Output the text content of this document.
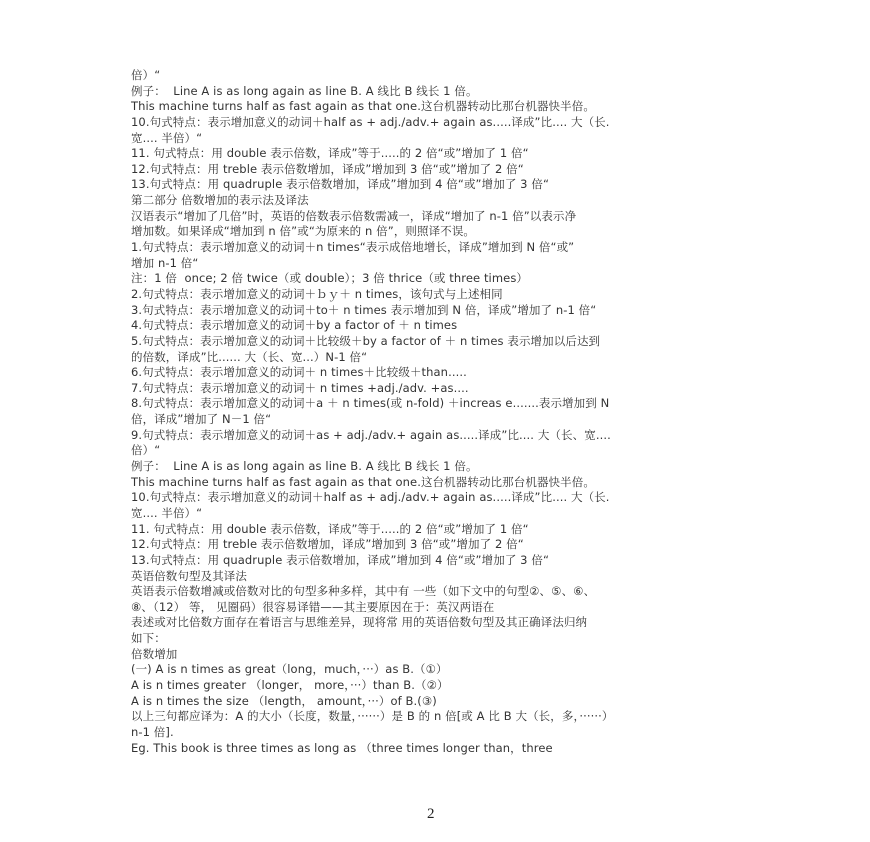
倍）“
例子：  Line A is as long again as line B. A 线比 B 线长 1 倍。
This machine turns half as fast again as that one.这台机器转动比那台机器快半倍。
10.句式特点：表示增加意义的动词＋half as + adj./adv.+ again as.....译成”比.... 大（长.
宽.... 半倍）“
11. 句式特点：用 double 表示倍数，译成”等于.....的 2 倍“或”增加了 1 倍“
12.句式特点：用 treble 表示倍数增加，译成”增加到 3 倍“或”增加了 2 倍“
13.句式特点：用 quadruple 表示倍数增加，译成”增加到 4 倍“或”增加了 3 倍“
第二部分 倍数增加的表示法及译法
汉语表示“增加了几倍”时，英语的倍数表示倍数需减一，译成“增加了 n-1 倍”以表示净
增加数。如果译成“增加到 n 倍”或“为原来的 n 倍”，则照译不误。
1.句式特点：表示增加意义的动词＋n times“表示成倍地增长，译成”增加到 N 倍“或”
增加 n-1 倍“
注：1 倍  once; 2 倍 twice（或 double）；3 倍 thrice（或 three times）
2.句式特点：表示增加意义的动词＋ｂｙ＋ n times，该句式与上述相同
3.句式特点：表示增加意义的动词＋to＋ n times 表示增加到 N 倍，译成”增加了 n-1 倍“
4.句式特点：表示增加意义的动词＋by a factor of ＋ n times
5.句式特点：表示增加意义的动词＋比较级＋by a factor of ＋ n times 表示增加以后达到
的倍数，译成”比...... 大（长、宽...）N-1 倍“
6.句式特点：表示增加意义的动词＋ n times＋比较级＋than.....
7.句式特点：表示增加意义的动词＋ n times +adj./adv. +as....
8.句式特点：表示增加意义的动词＋a ＋ n times(或 n-fold) ＋increas e.......表示增加到 N
倍，译成”增加了 N－1 倍“
9.句式特点：表示增加意义的动词＋as + adj./adv.+ again as.....译成”比.... 大（长、宽....
倍）“
例子：  Line A is as long again as line B. A 线比 B 线长 1 倍。
This machine turns half as fast again as that one.这台机器转动比那台机器快半倍。
10.句式特点：表示增加意义的动词＋half as + adj./adv.+ again as.....译成”比.... 大（长.
宽.... 半倍）“
11. 句式特点：用 double 表示倍数，译成”等于.....的 2 倍“或”增加了 1 倍“
12.句式特点：用 treble 表示倍数增加，译成”增加到 3 倍“或”增加了 2 倍“
13.句式特点：用 quadruple 表示倍数增加，译成”增加到 4 倍“或”增加了 3 倍“
英语倍数句型及其译法
英语表示倍数增减或倍数对比的句型多种多样，其中有 一些（如下文中的句型②、⑤、⑥、
⑧、（12） 等， 见圈码）很容易译错——其主要原因在于：英汉两语在
表述或对比倍数方面存在着语言与思维差异，现将常 用的英语倍数句型及其正确译法归纳
如下：
倍数增加
(一) A is n times as great（long，much，···）as B.（①）
A is n times greater （longer， more，···）than B.（②）
A is n times the size （length， amount，···）of B.(③)
以上三句都应译为：A 的大小（长度，数量，······）是 B 的 n 倍[或 A 比 B 大（长，多，······）
n-1 倍].
Eg. This book is three times as long as （three times longer than，three
2
